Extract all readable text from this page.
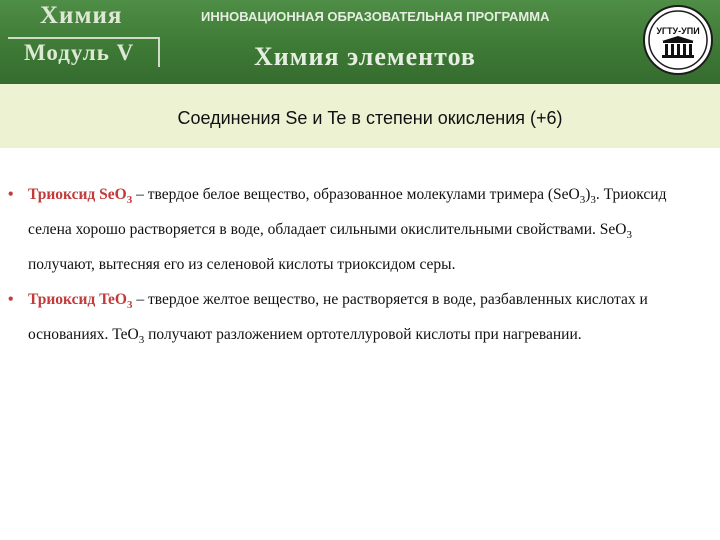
Химия
Модуль V
ИННОВАЦИОННАЯ ОБРАЗОВАТЕЛЬНАЯ ПРОГРАММА
Химия элементов
УГТУ-УПИ
Соединения Se и Te в степени окисления (+6)
• Триоксид SeO$_3$ – твердое белое вещество, образованное молекулами тримера $(SeO_3)_3$. Триоксид селена хорошо растворяется в воде, обладает сильными окислительными свойствами. SeO$_3$ получают, вытесняя его из селеновой кислоты триоксидом серы.
• Триоксид TeO$_3$ – твердое желтое вещество, не растворяется в воде, разбавленных кислотах и основаниях. TeO$_3$ получают разложением ортотеллуровой кислоты при нагревании.
